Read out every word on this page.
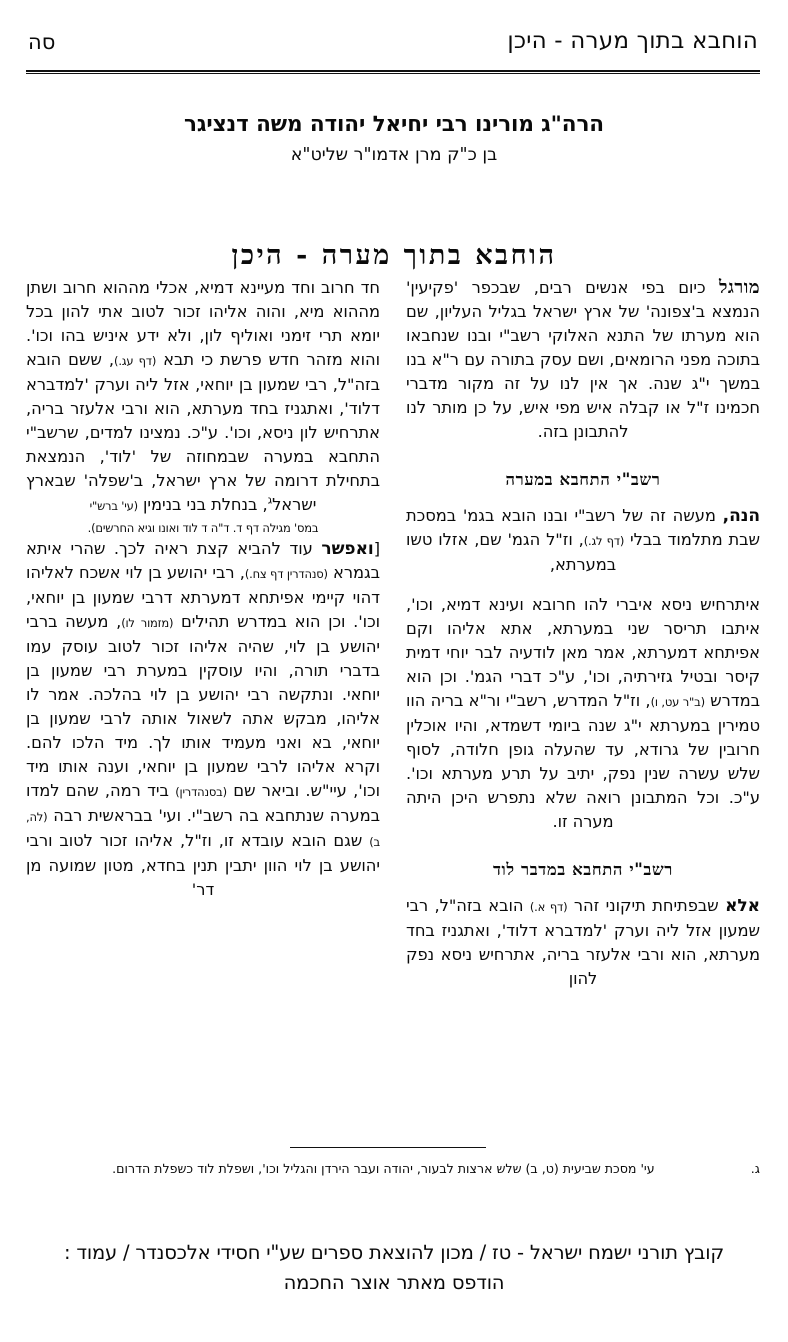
הוחבא בתוך מערה - היכן
סה

הרה"ג מורינו רבי יחיאל יהודה משה דנציגר

בן כ"ק מרן אדמו"ר שליט"א

הוחבא בתוך מערה - היכן

מורגל כיום בפי אנשים רבים, שבכפר 'פקיעין' הנמצא ב'צפונה' של ארץ ישראל בגליל העליון, שם הוא מערתו של התנא האלוקי רשב"י ובנו שנחבאו בתוכה מפני הרומאים, ושם עסק בתורה עם ר"א בנו במשך י"ג שנה. אך אין לנו על זה מקור מדברי חכמינו ז"ל או קבלה איש מפי איש, על כן מותר לנו להתבונן בזה.

רשב"י התחבא במערה

הנה, מעשה זה של רשב"י ובנו הובא בגמ' במסכת שבת מתלמוד בבלי (דף לג.), וז"ל הגמ' שם, אזלו טשו במערתא,

איתרחיש ניסא איברי להו חרובא ועינא דמיא, וכו', איתבו תריסר שני במערתא, אתא אליהו וקם אפיתחא דמערתא, אמר מאן לודעיה לבר יוחי דמית קיסר ובטיל גזירתיה, וכו', ע"כ דברי הגמ'. וכן הוא במדרש (ב"ר עט, ו), וז"ל המדרש, רשב"י ור"א בריה הוו טמירין במערתא י"ג שנה ביומי דשמדא, והיו אוכלין חרובין של גרודא, עד שהעלה גופן חלודה, לסוף שלש עשרה שנין נפק, יתיב על תרע מערתא וכו'. ע"כ. וכל המתבונן רואה שלא נתפרש היכן היתה מערה זו.

רשב"י התחבא במדבר לוד

אלא שבפתיחת תיקוני זהר (דף א.) הובא בזה"ל, רבי שמעון אזל ליה וערק 'למדברא דלוד', ואתגניז בחד מערתא, הוא ורבי אלעזר בריה, אתרחיש ניסא נפק להון

חד חרוב וחד מעיינא דמיא, אכלי מההוא חרוב ושתן מההוא מיא, והוה אליהו זכור לטוב אתי להון בכל יומא תרי זימני ואוליף לון, ולא ידע איניש בהו וכו'. והוא מזהר חדש פרשת כי תבא (דף עג.), ששם הובא בזה"ל, רבי שמעון בן יוחאי, אזל ליה וערק 'למדברא דלוד', ואתגניז בחד מערתא, הוא ורבי אלעזר בריה, אתרחיש לון ניסא, וכו'. ע"כ. נמצינו למדים, שרשב"י התחבא במערה שבמחוזה של 'לוד', הנמצאת בתחילת דרומה של ארץ ישראל, ב'שפלה' שבארץ ישראל$^ג$, בנחלת בני בנימין (עי' ברש"י

במס' מגילה דף ד. ד"ה ד לוד ואונו וגיא החרשים).

[ואפשר עוד להביא קצת ראיה לכך. שהרי איתא בגמרא (סנהדרין דף צח.), רבי יהושע בן לוי אשכח לאליהו דהוי קיימי אפיתחא דמערתא דרבי שמעון בן יוחאי, וכו'. וכן הוא במדרש תהילים (מזמור לו), מעשה ברבי יהושע בן לוי, שהיה אליהו זכור לטוב עוסק עמו בדברי תורה, והיו עוסקין במערת רבי שמעון בן יוחאי. ונתקשה רבי יהושע בן לוי בהלכה. אמר לו אליהו, מבקש אתה לשאול אותה לרבי שמעון בן יוחאי, בא ואני מעמיד אותו לך. מיד הלכו להם. וקרא אליהו לרבי שמעון בן יוחאי, וענה אותו מיד וכו', עיי"ש. וביאר שם (בסנהדרין) ביד רמה, שהם למדו במערה שנתחבא בה רשב"י. ועי' בבראשית רבה (לה, ב) שגם הובא עובדא זו, וז"ל, אליהו זכור לטוב ורבי יהושע בן לוי הוון יתבין תנין בחדא, מטון שמועה מן דר'

ג.
עי' מסכת שביעית (ט, ב) שלש ארצות לבעור, יהודה ועבר הירדן והגליל וכו', ושפלת לוד כשפלת הדרום.
קובץ תורני ישמח ישראל - טז / מכון להוצאת ספרים שע"י חסידי אלכסנדר / עמוד :
הודפס מאתר אוצר החכמה
